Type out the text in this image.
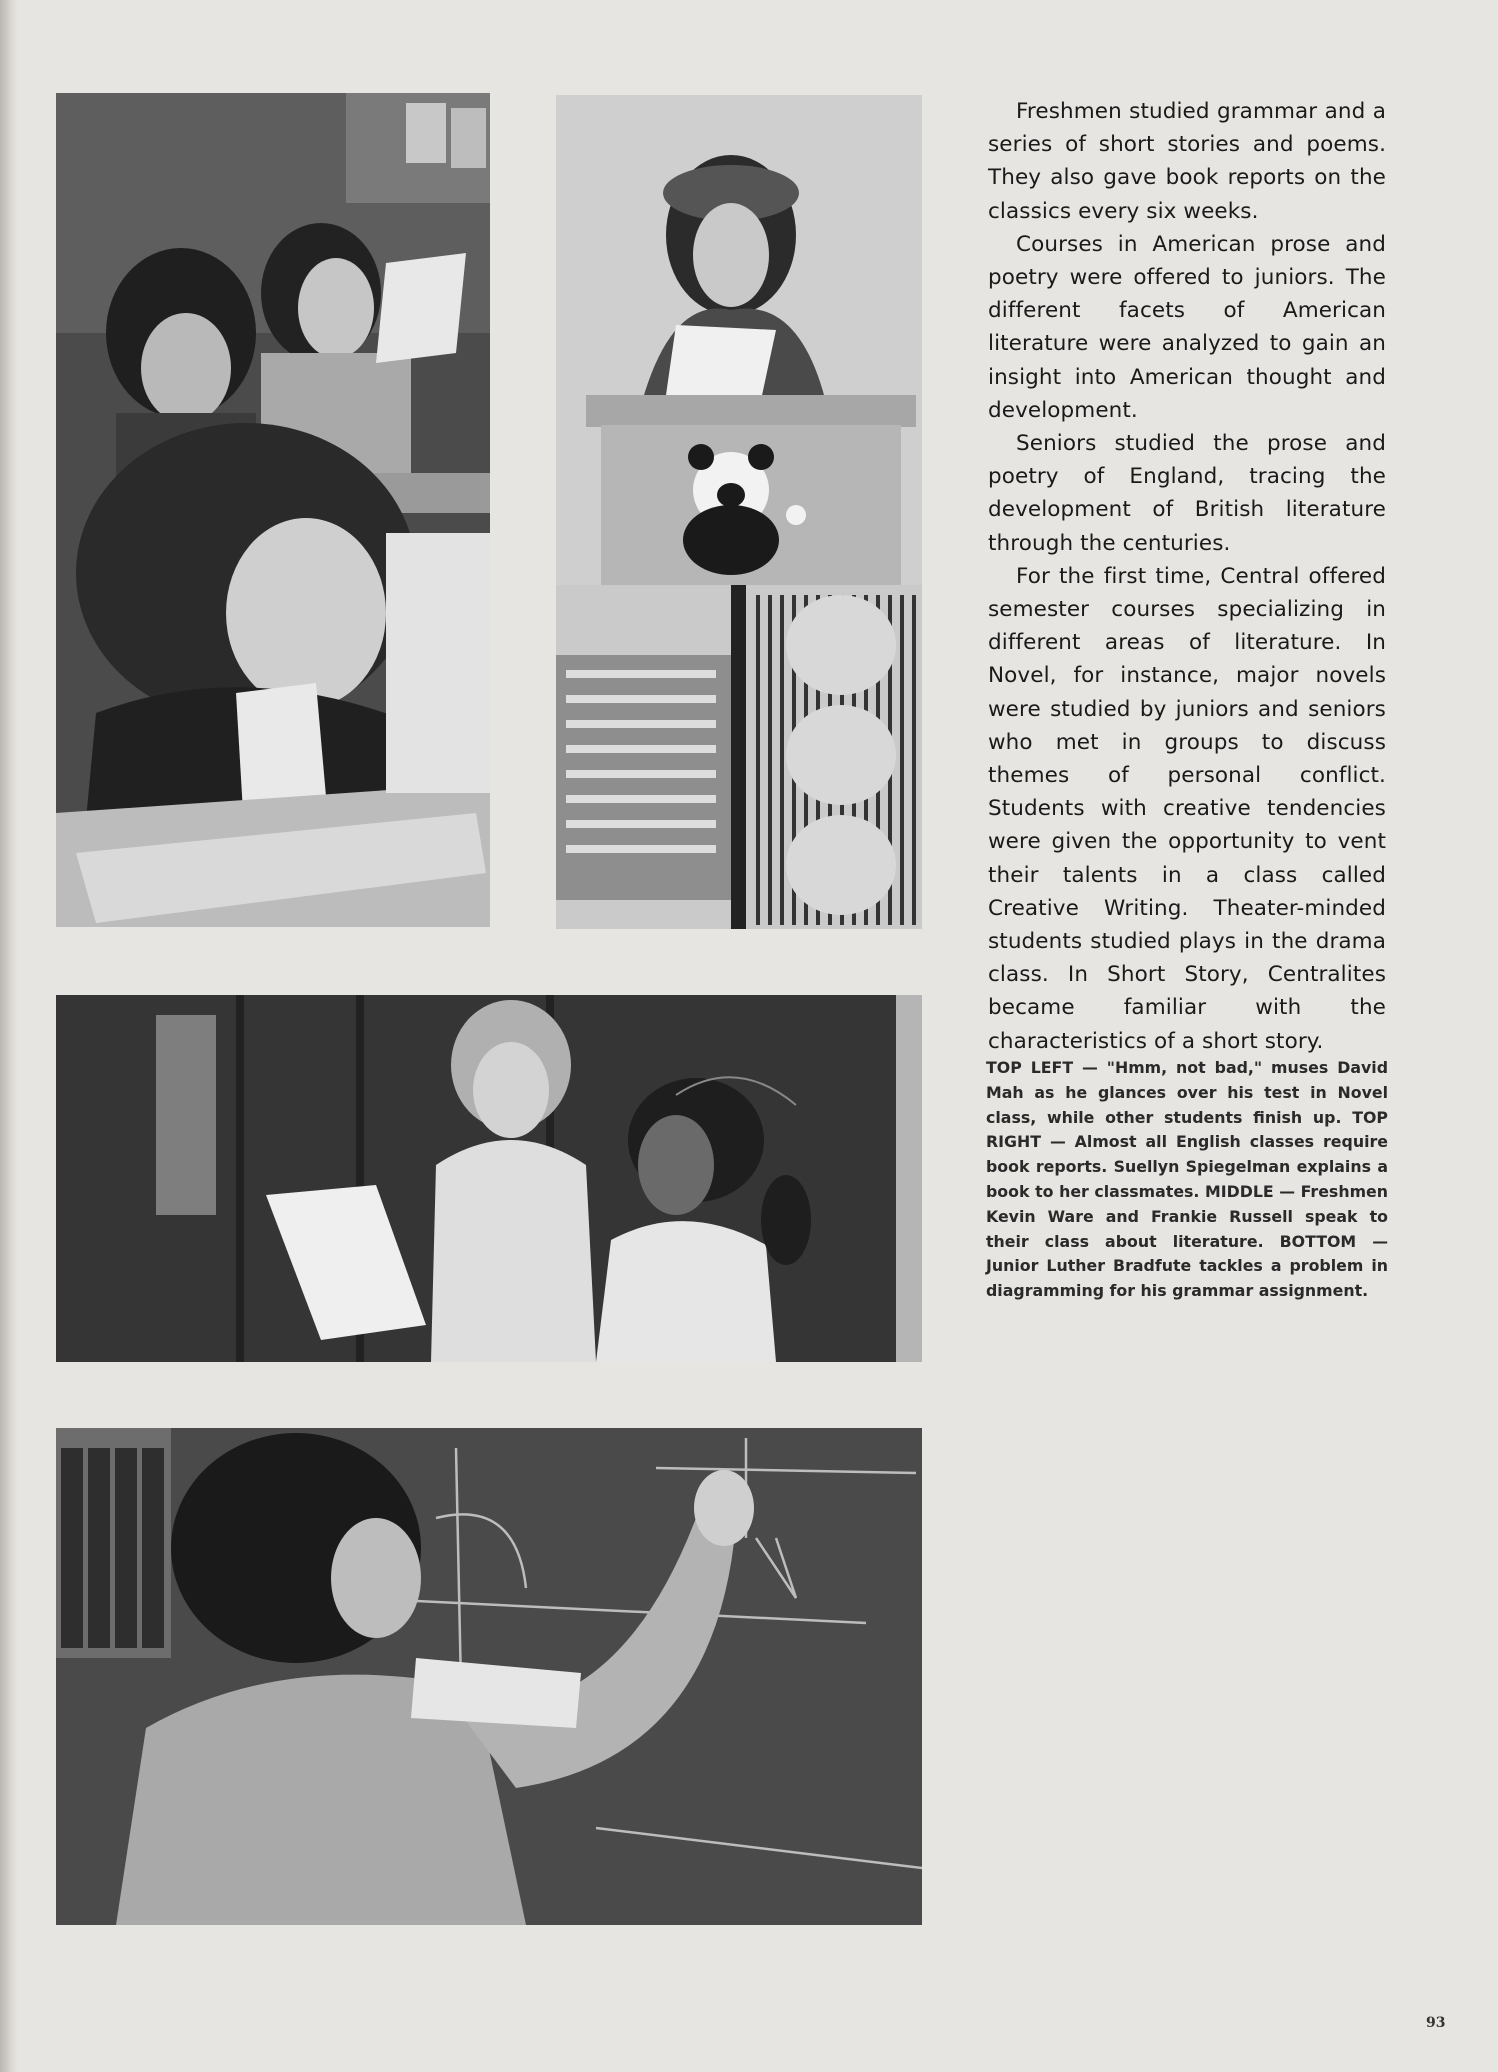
Freshmen studied grammar and a series of short stories and poems. They also gave book reports on the classics every six weeks.

Courses in American prose and poetry were offered to juniors. The different facets of American literature were analyzed to gain an insight into American thought and development.

Seniors studied the prose and poetry of England, tracing the development of British literature through the centuries.

For the first time, Central offered semester courses specializing in different areas of literature. In Novel, for instance, major novels were studied by juniors and seniors who met in groups to discuss themes of personal conflict. Students with creative tendencies were given the opportunity to vent their talents in a class called Creative Writing. Theater-minded students studied plays in the drama class. In Short Story, Centralites became familiar with the characteristics of a short story.

TOP LEFT — "Hmm, not bad," muses David Mah as he glances over his test in Novel class, while other students finish up. TOP RIGHT — Almost all English classes require book reports. Suellyn Spiegelman explains a book to her classmates. MIDDLE — Freshmen Kevin Ware and Frankie Russell speak to their class about literature. BOTTOM — Junior Luther Bradfute tackles a problem in diagramming for his grammar assignment.
93
